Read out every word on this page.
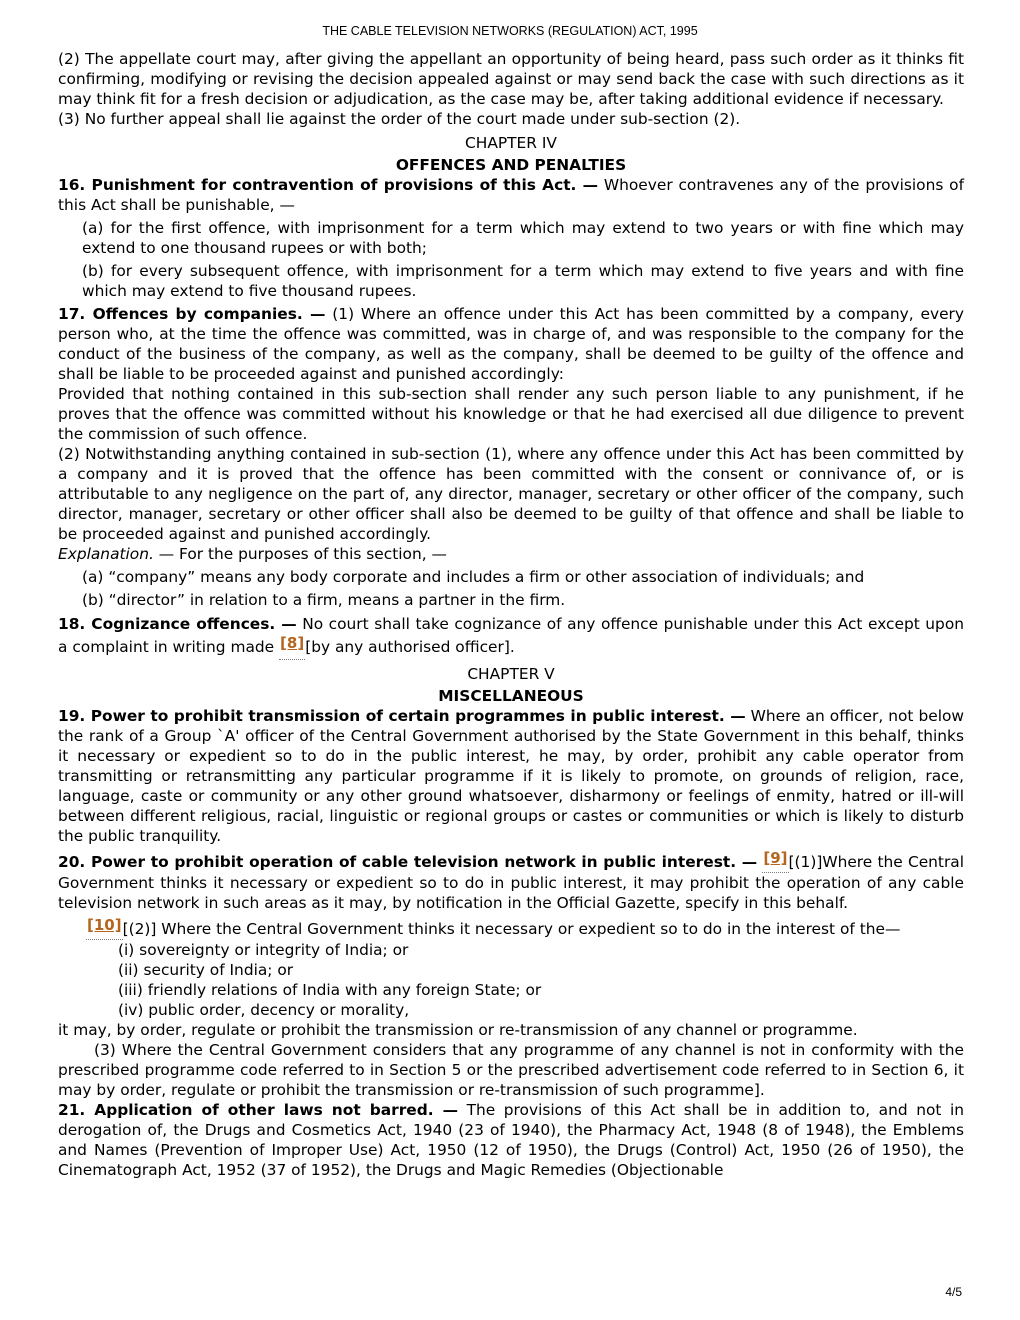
THE CABLE TELEVISION NETWORKS (REGULATION) ACT, 1995

(2) The appellate court may, after giving the appellant an opportunity of being heard, pass such order as it thinks fit confirming, modifying or revising the decision appealed against or may send back the case with such directions as it may think fit for a fresh decision or adjudication, as the case may be, after taking additional evidence if necessary.

(3) No further appeal shall lie against the order of the court made under sub-section (2).

CHAPTER IV

OFFENCES AND PENALTIES

16. Punishment for contravention of provisions of this Act. — Whoever contravenes any of the provisions of this Act shall be punishable, —

(a) for the first offence, with imprisonment for a term which may extend to two years or with fine which may extend to one thousand rupees or with both;

(b) for every subsequent offence, with imprisonment for a term which may extend to five years and with fine which may extend to five thousand rupees.

17. Offences by companies. — (1) Where an offence under this Act has been committed by a company, every person who, at the time the offence was committed, was in charge of, and was responsible to the company for the conduct of the business of the company, as well as the company, shall be deemed to be guilty of the offence and shall be liable to be proceeded against and punished accordingly:

Provided that nothing contained in this sub-section shall render any such person liable to any punishment, if he proves that the offence was committed without his knowledge or that he had exercised all due diligence to prevent the commission of such offence.

(2) Notwithstanding anything contained in sub-section (1), where any offence under this Act has been committed by a company and it is proved that the offence has been committed with the consent or connivance of, or is attributable to any negligence on the part of, any director, manager, secretary or other officer of the company, such director, manager, secretary or other officer shall also be deemed to be guilty of that offence and shall be liable to be proceeded against and punished accordingly.

Explanation. — For the purposes of this section, —

(a) “company” means any body corporate and includes a firm or other association of individuals; and

(b) “director” in relation to a firm, means a partner in the firm.

18. Cognizance offences. — No court shall take cognizance of any offence punishable under this Act except upon a complaint in writing made [8][by any authorised officer].

CHAPTER V

MISCELLANEOUS

19. Power to prohibit transmission of certain programmes in public interest. — Where an officer, not below the rank of a Group `A' officer of the Central Government authorised by the State Government in this behalf, thinks it necessary or expedient so to do in the public interest, he may, by order, prohibit any cable operator from transmitting or retransmitting any particular programme if it is likely to promote, on grounds of religion, race, language, caste or community or any other ground whatsoever, disharmony or feelings of enmity, hatred or ill-will between different religious, racial, linguistic or regional groups or castes or communities or which is likely to disturb the public tranquility.

20. Power to prohibit operation of cable television network in public interest. — [9][(1)]Where the Central Government thinks it necessary or expedient so to do in public interest, it may prohibit the operation of any cable television network in such areas as it may, by notification in the Official Gazette, specify in this behalf.

[10][(2)] Where the Central Government thinks it necessary or expedient so to do in the interest of the—

(i) sovereignty or integrity of India; or

(ii) security of India; or

(iii) friendly relations of India with any foreign State; or

(iv) public order, decency or morality,

it may, by order, regulate or prohibit the transmission or re-transmission of any channel or programme.

(3) Where the Central Government considers that any programme of any channel is not in conformity with the prescribed programme code referred to in Section 5 or the prescribed advertisement code referred to in Section 6, it may by order, regulate or prohibit the transmission or re-transmission of such programme].

21. Application of other laws not barred. — The provisions of this Act shall be in addition to, and not in derogation of, the Drugs and Cosmetics Act, 1940 (23 of 1940), the Pharmacy Act, 1948 (8 of 1948), the Emblems and Names (Prevention of Improper Use) Act, 1950 (12 of 1950), the Drugs (Control) Act, 1950 (26 of 1950), the Cinematograph Act, 1952 (37 of 1952), the Drugs and Magic Remedies (Objectionable

4/5
